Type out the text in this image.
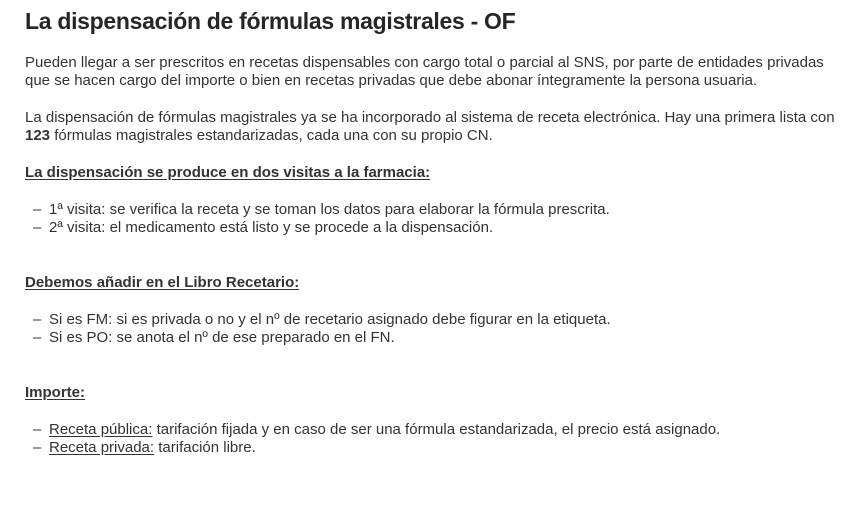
La dispensación de fórmulas magistrales - OF
Pueden llegar a ser prescritos en recetas dispensables con cargo total o parcial al SNS, por parte de entidades privadas
que se hacen cargo del importe o bien en recetas privadas que debe abonar íntegramente la persona usuaria.
La dispensación de fórmulas magistrales ya se ha incorporado al sistema de receta electrónica. Hay una primera lista con
123 fórmulas magistrales estandarizadas, cada una con su propio CN.
La dispensación se produce en dos visitas a la farmacia:
– 1ª visita: se verifica la receta y se toman los datos para elaborar la fórmula prescrita.
– 2ª visita: el medicamento está listo y se procede a la dispensación.
Debemos añadir en el Libro Recetario:
– Si es FM: si es privada o no y el nº de recetario asignado debe figurar en la etiqueta.
– Si es PO: se anota el nº de ese preparado en el FN.
Importe:
– Receta pública: tarifación fijada y en caso de ser una fórmula estandarizada, el precio está asignado.
– Receta privada: tarifación libre.
